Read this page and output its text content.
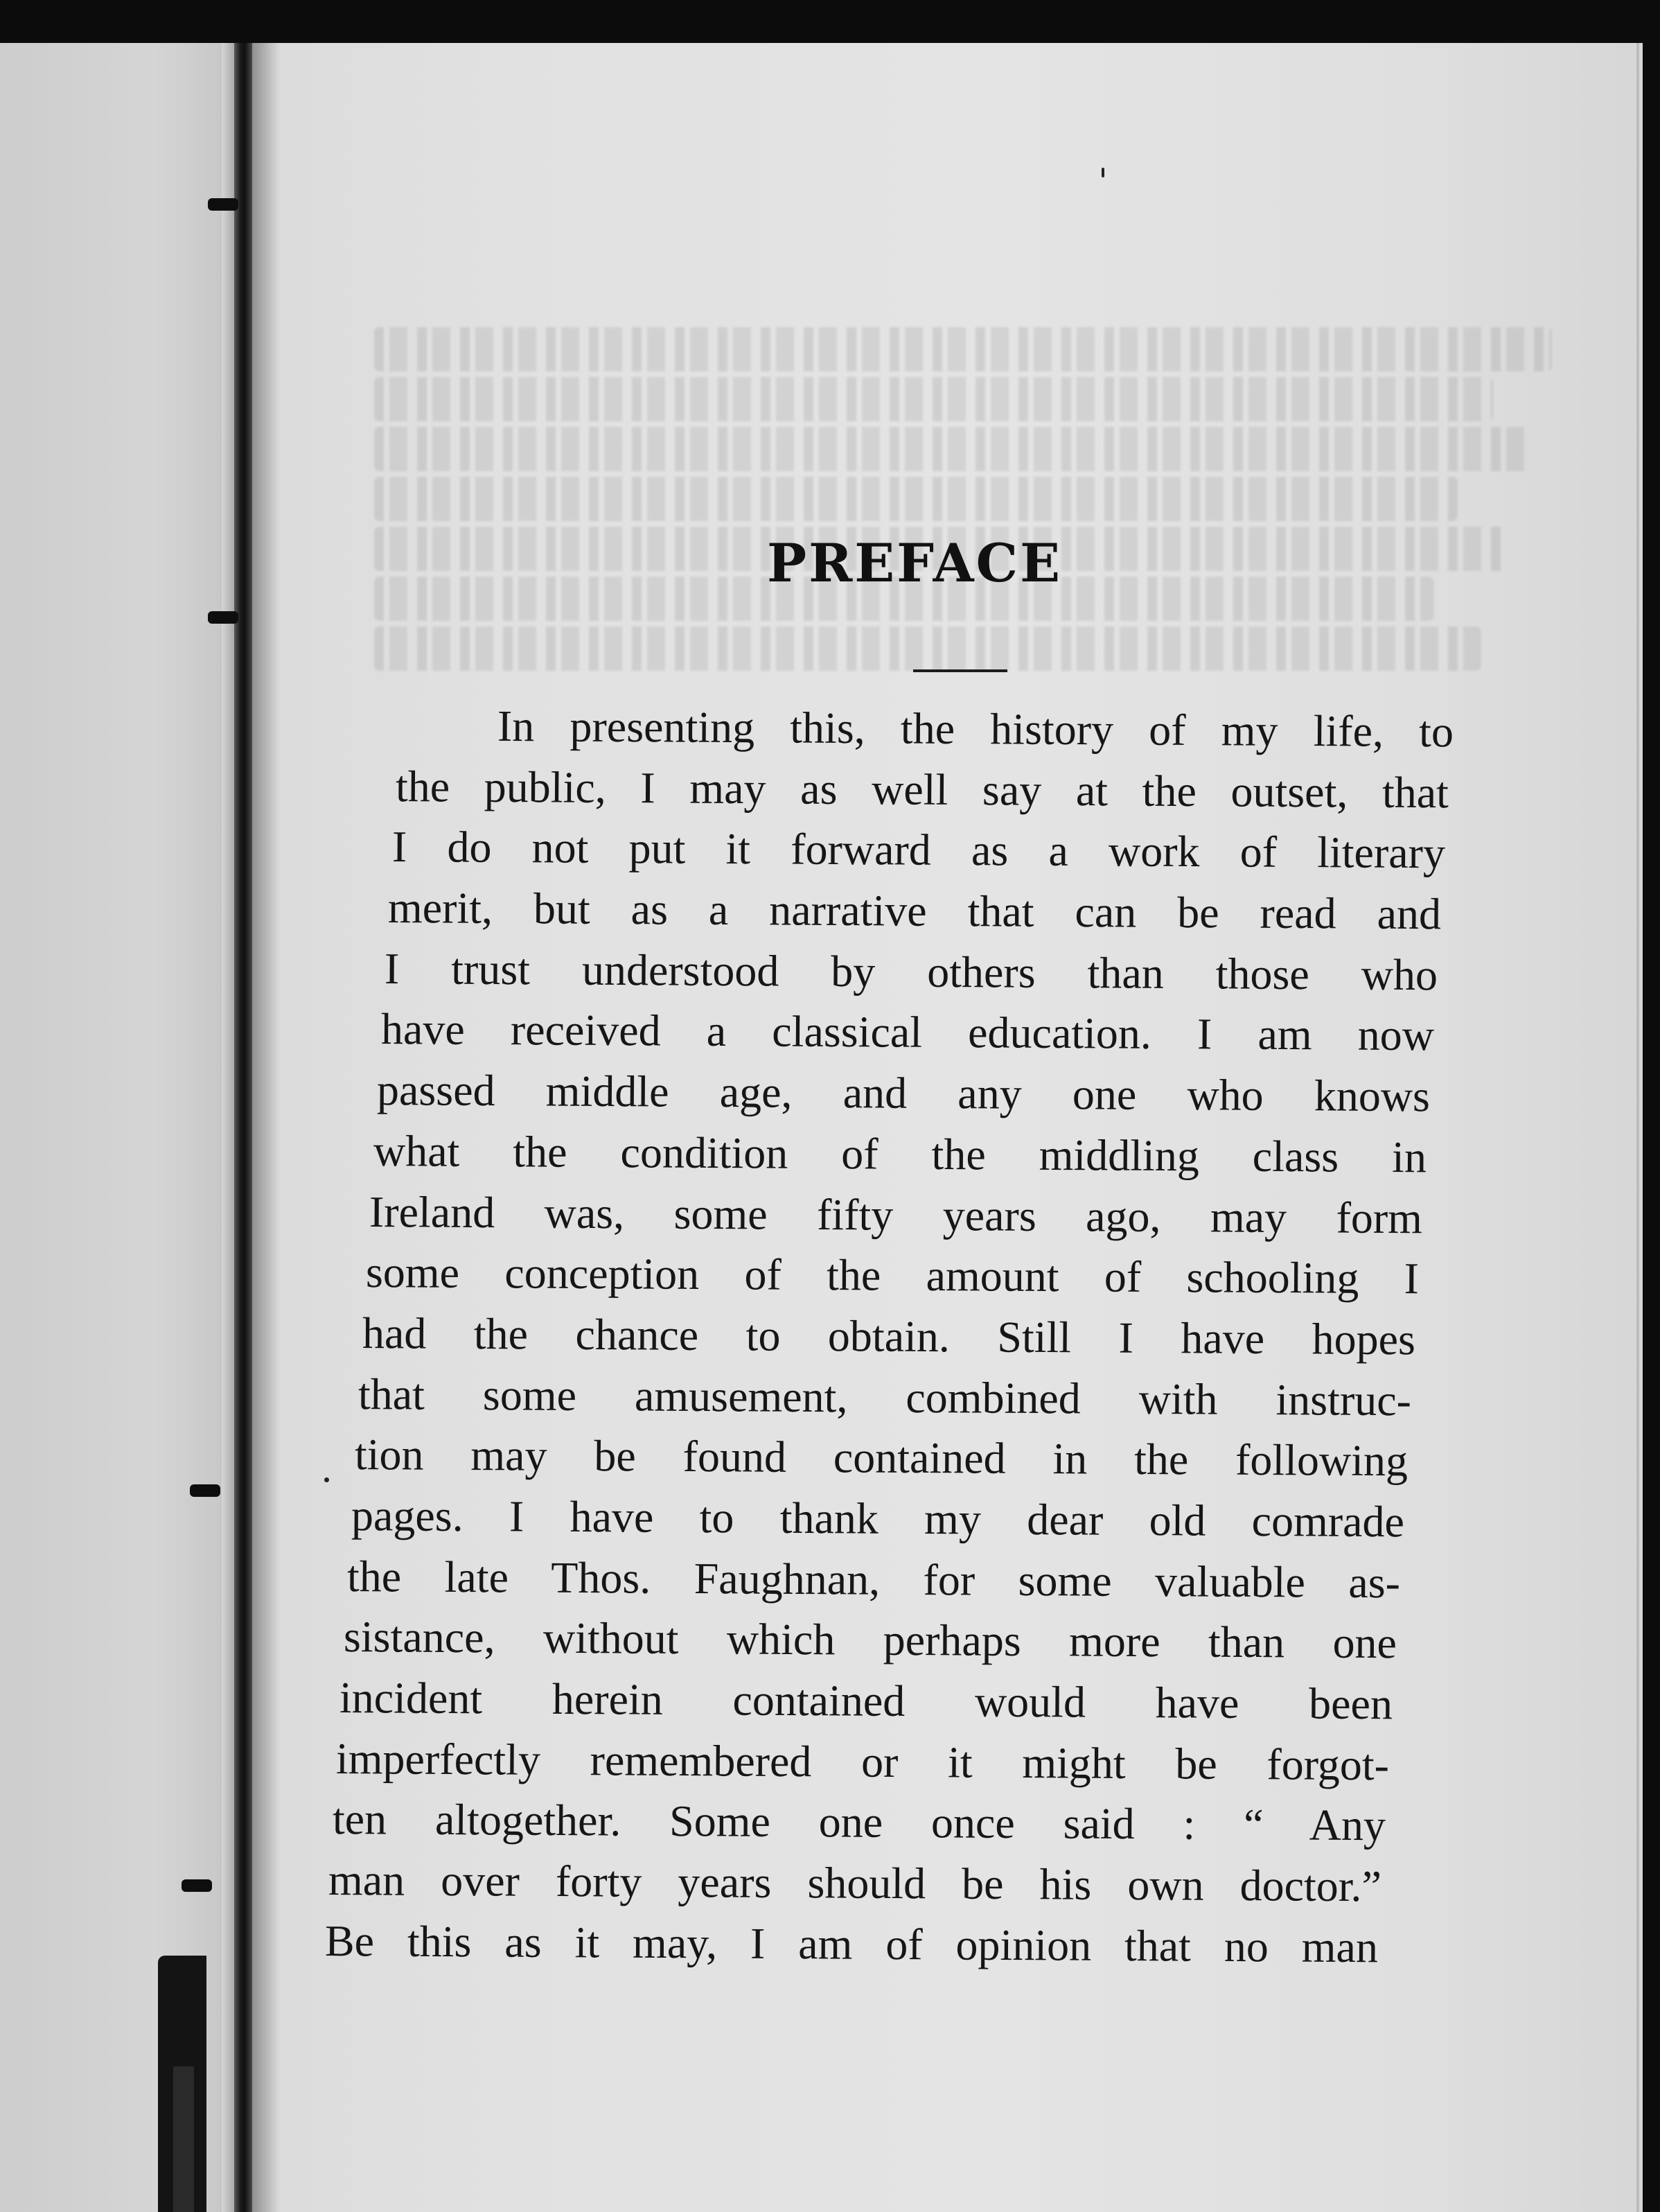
PREFACE
In presenting this, the history of my life, to
the public, I may as well say at the outset, that
I do not put it forward as a work of literary
merit, but as a narrative that can be read and
I trust understood by others than those who
have received a classical education. I am now
passed middle age, and any one who knows
what the condition of the middling class in
Ireland was, some fifty years ago, may form
some conception of the amount of schooling I
had the chance to obtain. Still I have hopes
that some amusement, combined with instruc-
tion may be found contained in the following
pages. I have to thank my dear old comrade
the late Thos. Faughnan, for some valuable as-
sistance, without which perhaps more than one
incident herein contained would have been
imperfectly remembered or it might be forgot-
ten altogether. Some one once said : “ Any
man over forty years should be his own doctor.”
Be this as it may, I am of opinion that no man
